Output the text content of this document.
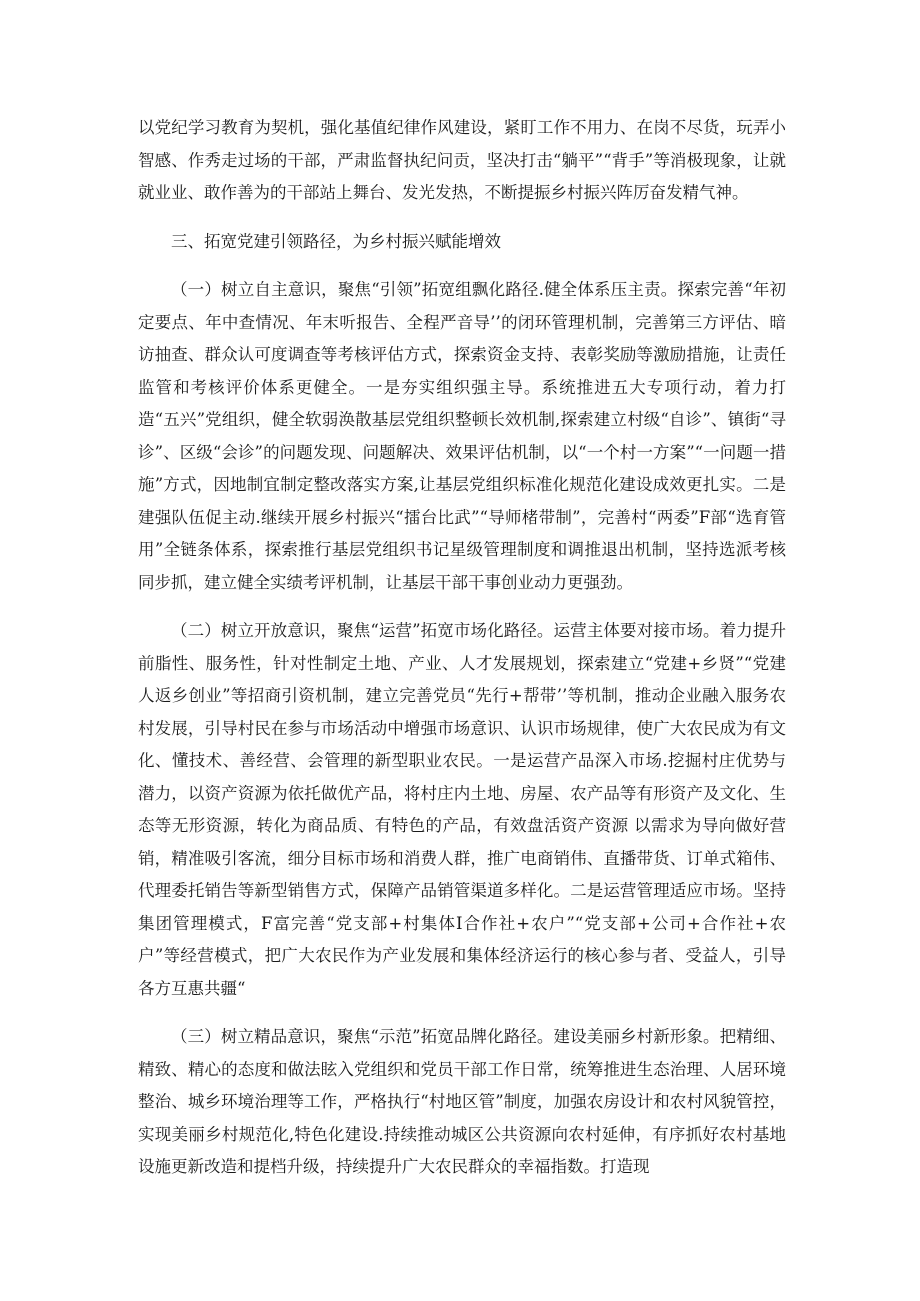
以党纪学习教育为契机，强化基值纪律作风建设，紧盯工作不用力、在岗不尽货，玩弄小智感、作秀走过场的干部，严肃监督执纪问贡，坚决打击“躺平”“背手”等消极现象，让就就业业、敢作善为的干部站上舞台、发光发热，不断提振乡村振兴阵厉奋发精气神。

三、拓宽党建引领路径，为乡村振兴赋能增效

（一）树立自主意识，聚焦“引领”拓宽组飘化路径.健全体系压主责。探索完善“年初定要点、年中查情况、年末听报告、全程严音导’’的闭环管理机制，完善第三方评估、暗访抽查、群众认可度调查等考核评估方式，探索资金支持、表彰奖励等激励措施，让责任监管和考核评价体系更健全。一是夯实组织强主导。系统推进五大专项行动，着力打造“五兴”党组织，健全软弱涣散基层党组织整顿长效机制,探索建立村级“自诊”、镇街“寻诊”、区级“会诊”的问题发现、问题解决、效果评估机制，以“一个村一方案”“一问题一措施”方式，因地制宜制定整改落实方案,让基层党组织标准化规范化建设成效更扎实。二是建强队伍促主动.继续开展乡村振兴“擂台比武”“导师楮带制”，完善村“两委”F部“选育管用”全链条体系，探索推行基层党组织书记星级管理制度和调推退出机制，坚持选派考核同步抓，建立健全实绩考评机制，让基层干部干事创业动力更强劲。

（二）树立开放意识，聚焦“运营”拓宽市场化路径。运营主体要对接市场。着力提升前脂性、服务性，针对性制定土地、产业、人才发展规划，探索建立“党建+乡贤”“党建人返乡创业”等招商引资机制，建立完善党员“先行+帮带’’等机制，推动企业融入服务农村发展，引导村民在参与市场活动中增强市场意识、认识市场规律，使广大农民成为有文化、懂技术、善经营、会管理的新型职业农民。一是运营产品深入市场.挖掘村庄优势与潜力，以资产资源为依托做优产品，将村庄内土地、房屋、农产品等有形资产及文化、生态等无形资源，转化为商品质、有特色的产品，有效盘活资产资源 以需求为导向做好营销，精准吸引客流，细分目标市场和消费人群，推广电商销伟、直播带货、订单式箱伟、代理委托销告等新型销售方式，保障产品销管渠道多样化。二是运营管理适应市场。坚持集团管理模式，F富完善“党支部+村集体I合作社+农户”“党支部+公司+合作社+农户”等经营模式，把广大农民作为产业发展和集体经济运行的核心参与者、受益人，引导各方互惠共疆“

（三）树立精品意识，聚焦“示范”拓宽品牌化路径。建设美丽乡村新形象。把精细、精致、精心的态度和做法眩入党组织和党员干部工作日常，统筹推进生态治理、人居环境整治、城乡环境治理等工作，严格执行“村地区管”制度，加强农房设计和农村风貌管控，实现美丽乡村规范化,特色化建设.持续推动城区公共资源向农村延伸，有序抓好农村基地设施更新改造和提档升级，持续提升广大农民群众的幸福指数。打造现
